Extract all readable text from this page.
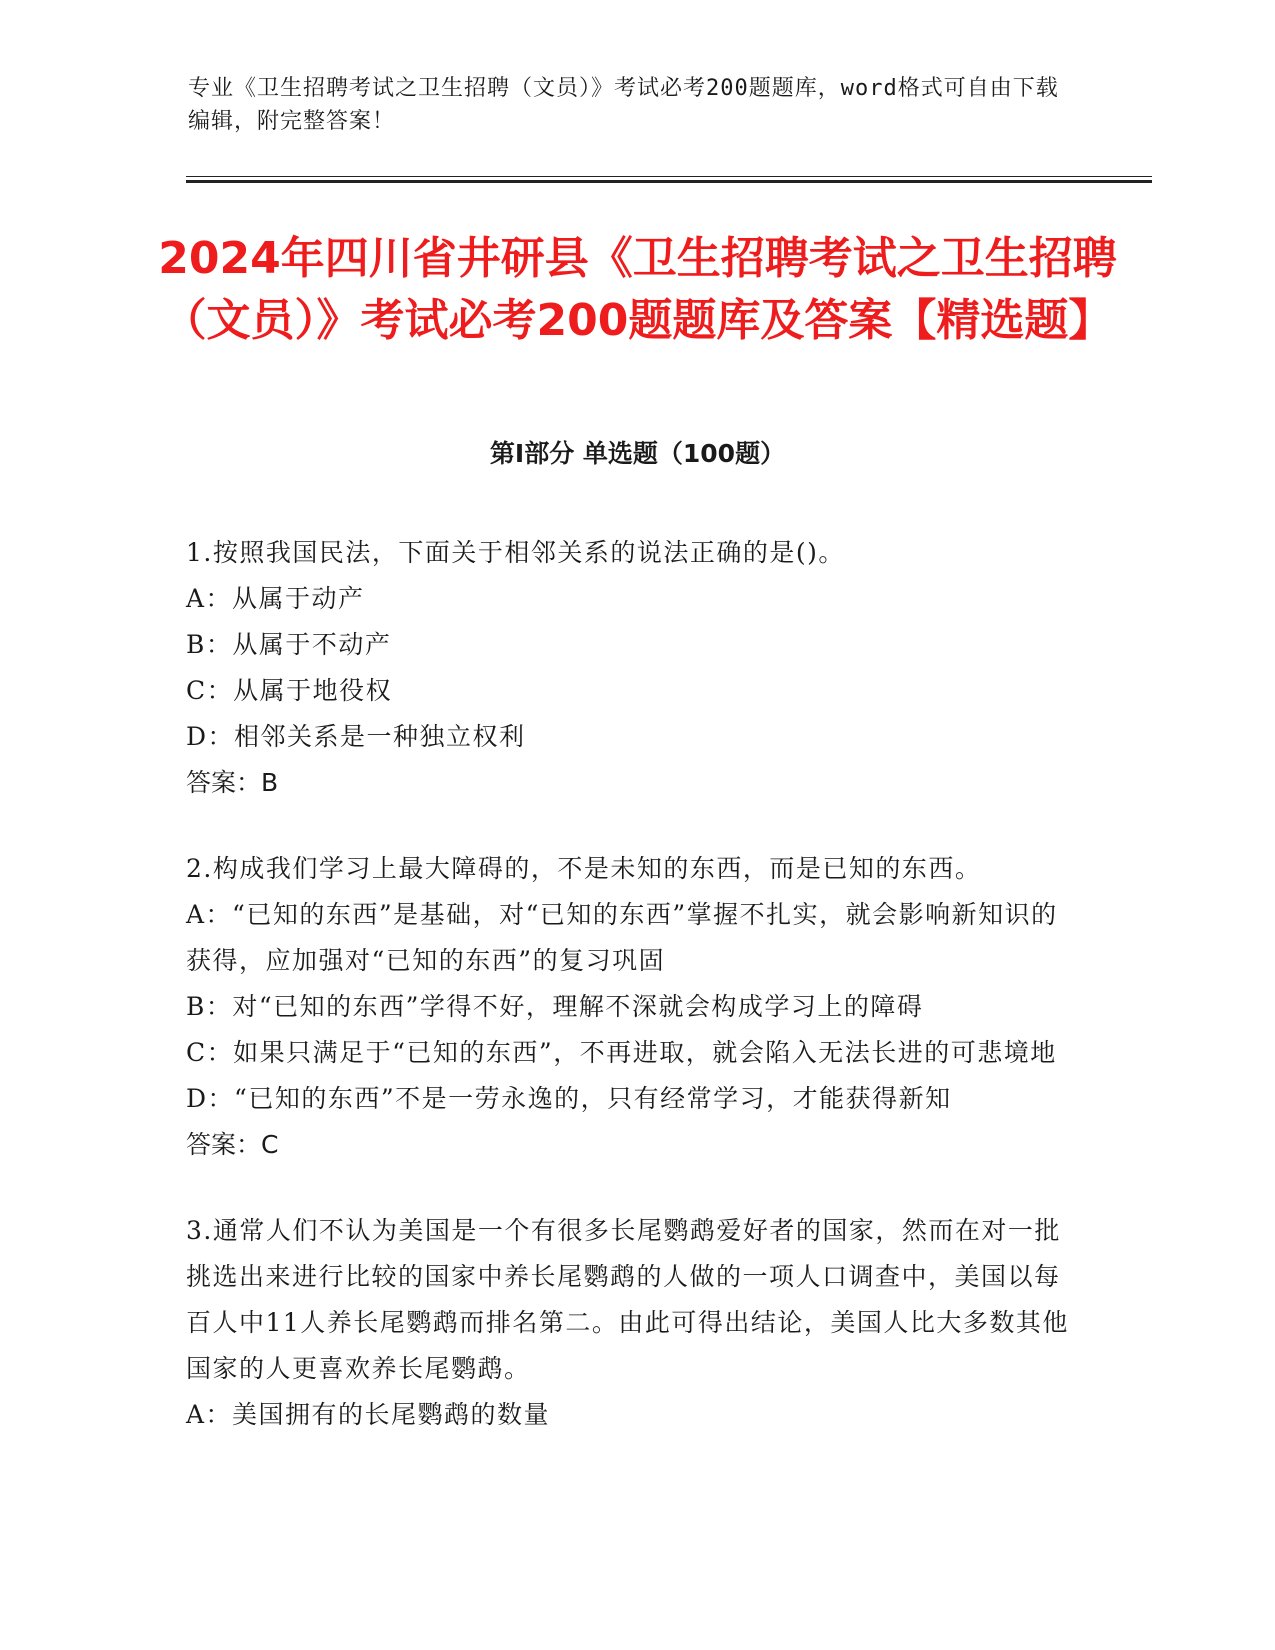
专业《卫生招聘考试之卫生招聘（文员）》考试必考200题题库，word格式可自由下载编辑，附完整答案！
2024年四川省井研县《卫生招聘考试之卫生招聘（文员）》考试必考200题题库及答案【精选题】
第I部分 单选题（100题）
1.按照我国民法，下面关于相邻关系的说法正确的是()。
A：从属于动产
B：从属于不动产
C：从属于地役权
D：相邻关系是一种独立权利
答案：B
2.构成我们学习上最大障碍的，不是未知的东西，而是已知的东西。
A：“已知的东西”是基础，对“已知的东西”掌握不扎实，就会影响新知识的获得，应加强对“已知的东西”的复习巩固
B：对“已知的东西”学得不好，理解不深就会构成学习上的障碍
C：如果只满足于“已知的东西”，不再进取，就会陷入无法长进的可悲境地
D：“已知的东西”不是一劳永逸的，只有经常学习，才能获得新知
答案：C
3.通常人们不认为美国是一个有很多长尾鹦鹉爱好者的国家，然而在对一批挑选出来进行比较的国家中养长尾鹦鹉的人做的一项人口调查中，美国以每百人中11人养长尾鹦鹉而排名第二。由此可得出结论，美国人比大多数其他国家的人更喜欢养长尾鹦鹉。
A：美国拥有的长尾鹦鹉的数量
